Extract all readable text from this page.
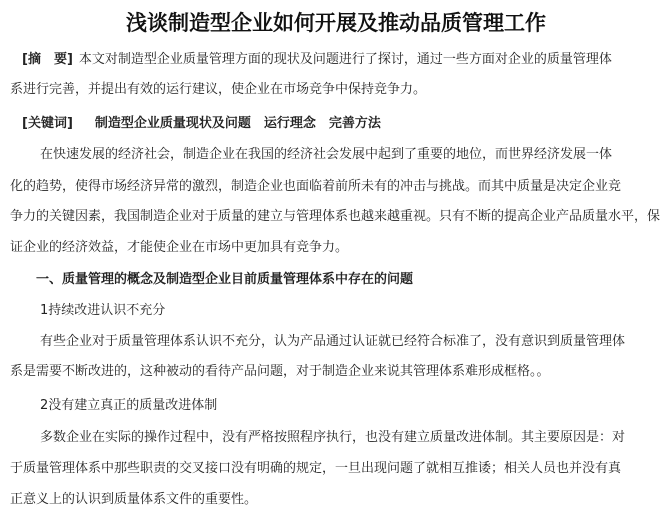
浅谈制造型企业如何开展及推动品质管理工作
[摘　要] 本文对制造型企业质量管理方面的现状及问题进行了探讨，通过一些方面对企业的质量管理体
系进行完善，并提出有效的运行建议，使企业在市场竞争中保持竞争力。
[关键词] 制造型企业质量现状及问题　运行理念　完善方法
在快速发展的经济社会，制造企业在我国的经济社会发展中起到了重要的地位，而世界经济发展一体
化的趋势，使得市场经济异常的激烈，制造企业也面临着前所未有的冲击与挑战。而其中质量是决定企业竞
争力的关键因素，我国制造企业对于质量的建立与管理体系也越来越重视。只有不断的提高企业产品质量水平，保
证企业的经济效益，才能使企业在市场中更加具有竞争力。
一、质量管理的概念及制造型企业目前质量管理体系中存在的问题
1持续改进认识不充分
有些企业对于质量管理体系认识不充分，认为产品通过认证就已经符合标准了，没有意识到质量管理体
系是需要不断改进的，这种被动的看待产品问题，对于制造企业来说其管理体系难形成框格。。
2没有建立真正的质量改进体制
多数企业在实际的操作过程中，没有严格按照程序执行，也没有建立质量改进体制。其主要原因是：对
于质量管理体系中那些职责的交叉接口没有明确的规定，一旦出现问题了就相互推诿；相关人员也并没有真
正意义上的认识到质量体系文件的重要性。
